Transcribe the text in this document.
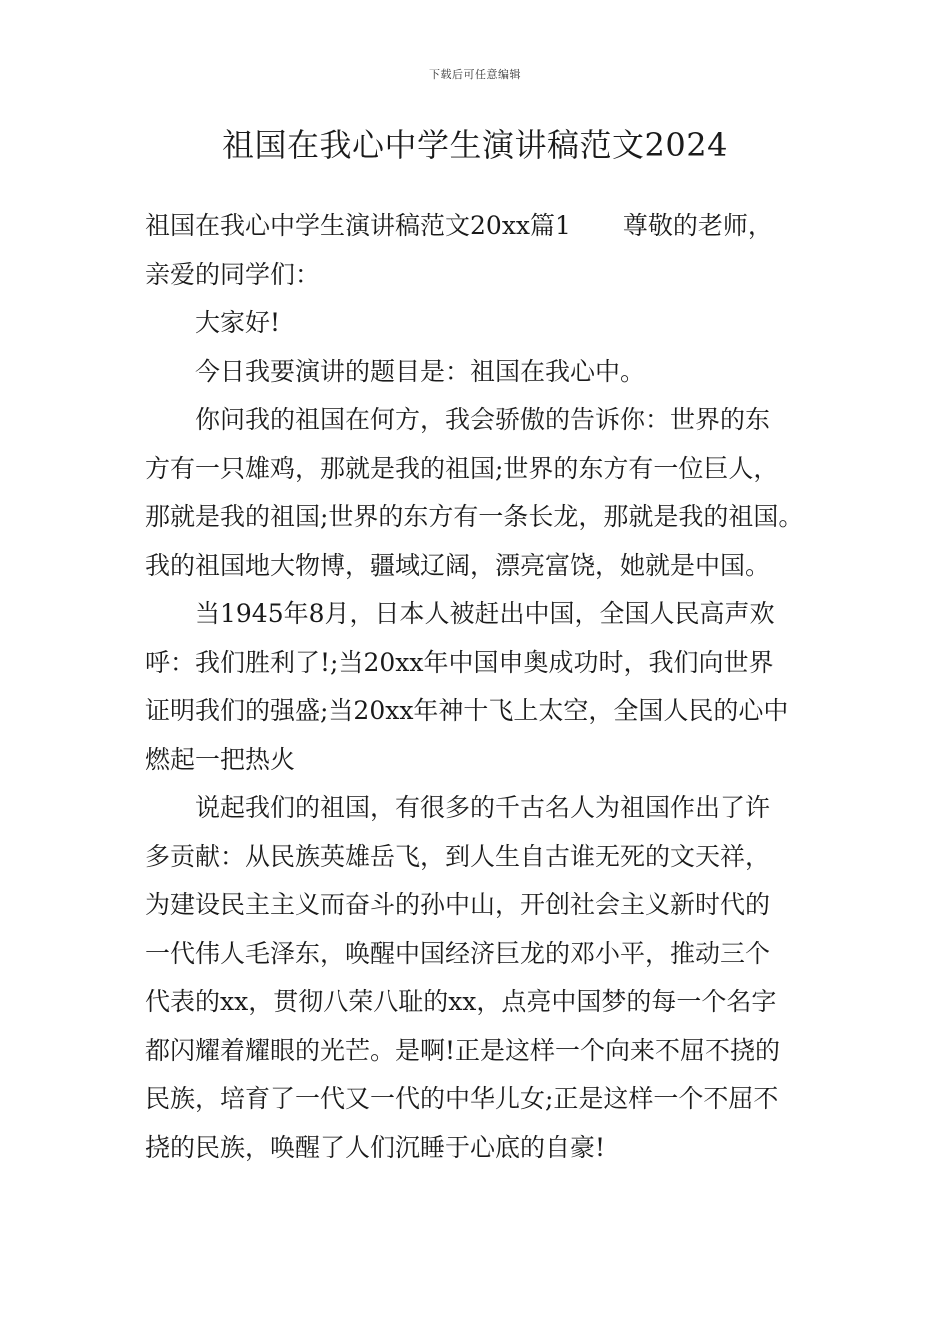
下载后可任意编辑
祖国在我心中学生演讲稿范文2024

祖国在我心中学生演讲稿范文20xx篇1 尊敬的老师，

亲爱的同学们：

大家好!

今日我要演讲的题目是：祖国在我心中。

你问我的祖国在何方，我会骄傲的告诉你：世界的东

方有一只雄鸡，那就是我的祖国;世界的东方有一位巨人，

那就是我的祖国;世界的东方有一条长龙，那就是我的祖国。

我的祖国地大物博，疆域辽阔，漂亮富饶，她就是中国。

当1945年8月，日本人被赶出中国，全国人民高声欢

呼：我们胜利了!;当20xx年中国申奥成功时，我们向世界

证明我们的强盛;当20xx年神十飞上太空，全国人民的心中

燃起一把热火

说起我们的祖国，有很多的千古名人为祖国作出了许

多贡献：从民族英雄岳飞，到人生自古谁无死的文天祥，

为建设民主主义而奋斗的孙中山，开创社会主义新时代的

一代伟人毛泽东，唤醒中国经济巨龙的邓小平，推动三个

代表的xx，贯彻八荣八耻的xx，点亮中国梦的每一个名字

都闪耀着耀眼的光芒。是啊!正是这样一个向来不屈不挠的

民族，培育了一代又一代的中华儿女;正是这样一个不屈不

挠的民族，唤醒了人们沉睡于心底的自豪!
